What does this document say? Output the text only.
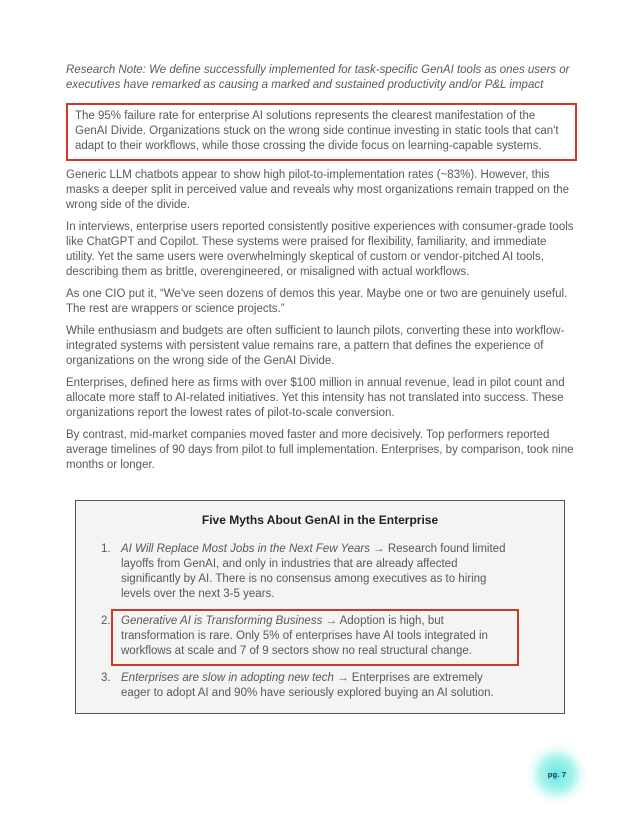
Research Note: We define successfully implemented for task-specific GenAI tools as ones users or executives have remarked as causing a marked and sustained productivity and/or P&L impact

The 95% failure rate for enterprise AI solutions represents the clearest manifestation of the GenAI Divide. Organizations stuck on the wrong side continue investing in static tools that can't adapt to their workflows, while those crossing the divide focus on learning-capable systems.

Generic LLM chatbots appear to show high pilot-to-implementation rates (~83%). However, this masks a deeper split in perceived value and reveals why most organizations remain trapped on the wrong side of the divide.

In interviews, enterprise users reported consistently positive experiences with consumer-grade tools like ChatGPT and Copilot. These systems were praised for flexibility, familiarity, and immediate utility. Yet the same users were overwhelmingly skeptical of custom or vendor-pitched AI tools, describing them as brittle, overengineered, or misaligned with actual workflows.

As one CIO put it, “We've seen dozens of demos this year. Maybe one or two are genuinely useful. The rest are wrappers or science projects.”

While enthusiasm and budgets are often sufficient to launch pilots, converting these into workflow-integrated systems with persistent value remains rare, a pattern that defines the experience of organizations on the wrong side of the GenAI Divide.

Enterprises, defined here as firms with over $100 million in annual revenue, lead in pilot count and allocate more staff to AI-related initiatives. Yet this intensity has not translated into success. These organizations report the lowest rates of pilot-to-scale conversion.

By contrast, mid-market companies moved faster and more decisively. Top performers reported average timelines of 90 days from pilot to full implementation. Enterprises, by comparison, took nine months or longer.

Five Myths About GenAI in the Enterprise
1. AI Will Replace Most Jobs in the Next Few Years → Research found limited layoffs from GenAI, and only in industries that are already affected significantly by AI. There is no consensus among executives as to hiring levels over the next 3-5 years.
2. Generative AI is Transforming Business → Adoption is high, but transformation is rare. Only 5% of enterprises have AI tools integrated in workflows at scale and 7 of 9 sectors show no real structural change.
3. Enterprises are slow in adopting new tech → Enterprises are extremely eager to adopt AI and 90% have seriously explored buying an AI solution.
pg. 7
